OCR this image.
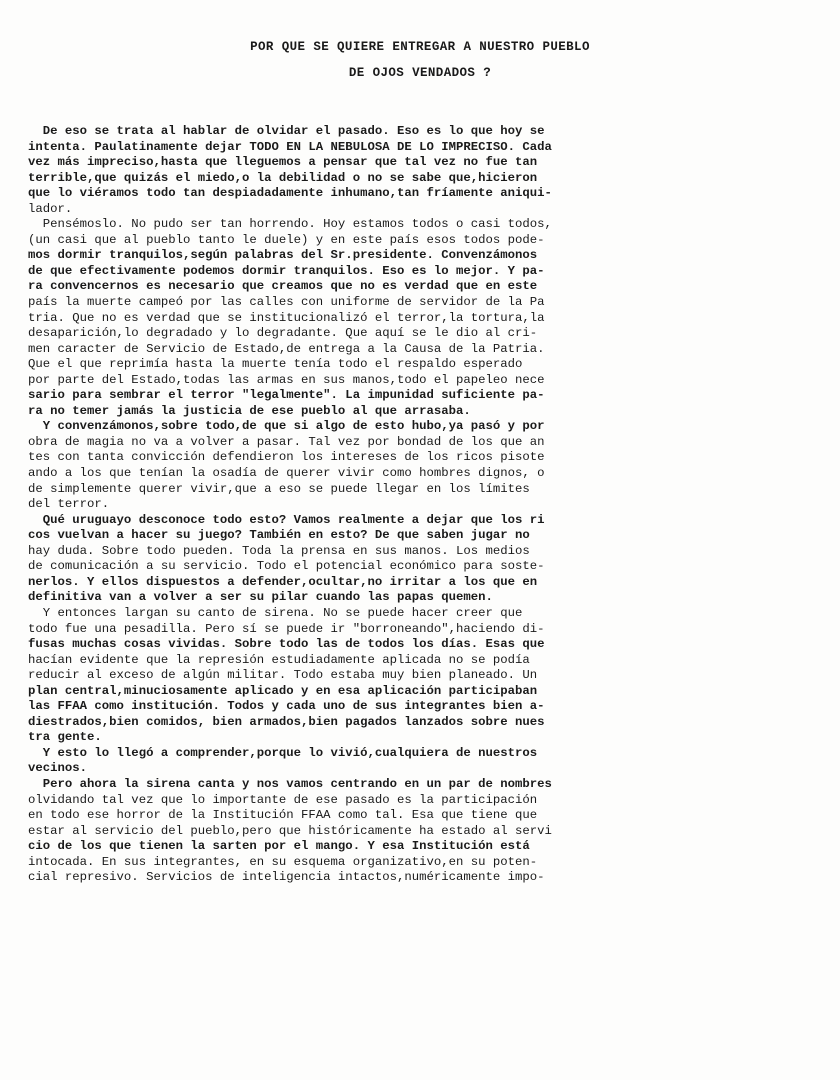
POR QUE SE QUIERE ENTREGAR A NUESTRO PUEBLO
DE OJOS VENDADOS ?
De eso se trata al hablar de olvidar el pasado. Eso es lo que hoy se
intenta. Paulatinamente dejar TODO EN LA NEBULOSA DE LO IMPRECISO. Cada
vez más impreciso,hasta que lleguemos a pensar que tal vez no fue tan
terrible,que quizás el miedo,o la debilidad o no se sabe que,hicieron
que lo viéramos todo tan despiadadamente inhumano,tan fríamente aniqui-
lador.
Pensémoslo. No pudo ser tan horrendo. Hoy estamos todos o casi todos,
(un casi que al pueblo tanto le duele) y en este país esos todos pode-
mos dormir tranquilos,según palabras del Sr.presidente. Convenzámonos
de que efectivamente podemos dormir tranquilos. Eso es lo mejor. Y pa-
ra convencernos es necesario que creamos que no es verdad que en este
país la muerte campeó por las calles con uniforme de servidor de la Pa
tria. Que no es verdad que se institucionalizó el terror,la tortura,la
desaparición,lo degradado y lo degradante. Que aquí se le dio al cri-
men caracter de Servicio de Estado,de entrega a la Causa de la Patria.
Que el que reprimía hasta la muerte tenía todo el respaldo esperado
por parte del Estado,todas las armas en sus manos,todo el papeleo nece
sario para sembrar el terror "legalmente". La impunidad suficiente pa-
ra no temer jamás la justicia de ese pueblo al que arrasaba.
Y convenzámonos,sobre todo,de que si algo de esto hubo,ya pasó y por
obra de magia no va a volver a pasar. Tal vez por bondad de los que an
tes con tanta convicción defendieron los intereses de los ricos pisote
ando a los que tenían la osadía de querer vivir como hombres dignos, o
de simplemente querer vivir,que a eso se puede llegar en los límites
del terror.
Qué uruguayo desconoce todo esto? Vamos realmente a dejar que los ri
cos vuelvan a hacer su juego? También en esto? De que saben jugar no
hay duda. Sobre todo pueden. Toda la prensa en sus manos. Los medios
de comunicación a su servicio. Todo el potencial económico para soste-
nerlos. Y ellos dispuestos a defender,ocultar,no irritar a los que en
definitiva van a volver a ser su pilar cuando las papas quemen.
Y entonces largan su canto de sirena. No se puede hacer creer que
todo fue una pesadilla. Pero sí se puede ir "borroneando",haciendo di-
fusas muchas cosas vividas. Sobre todo las de todos los días. Esas que
hacían evidente que la represión estudiadamente aplicada no se podía
reducir al exceso de algún militar. Todo estaba muy bien planeado. Un
plan central,minuciosamente aplicado y en esa aplicación participaban
las FFAA como institución. Todos y cada uno de sus integrantes bien a-
diestrados,bien comidos, bien armados,bien pagados lanzados sobre nues
tra gente.
Y esto lo llegó a comprender,porque lo vivió,cualquiera de nuestros
vecinos.
Pero ahora la sirena canta y nos vamos centrando en un par de nombres
olvidando tal vez que lo importante de ese pasado es la participación
en todo ese horror de la Institución FFAA como tal. Esa que tiene que
estar al servicio del pueblo,pero que históricamente ha estado al servi
cio de los que tienen la sarten por el mango. Y esa Institución está
intocada. En sus integrantes, en su esquema organizativo,en su poten-
cial represivo. Servicios de inteligencia intactos,numéricamente impo-
